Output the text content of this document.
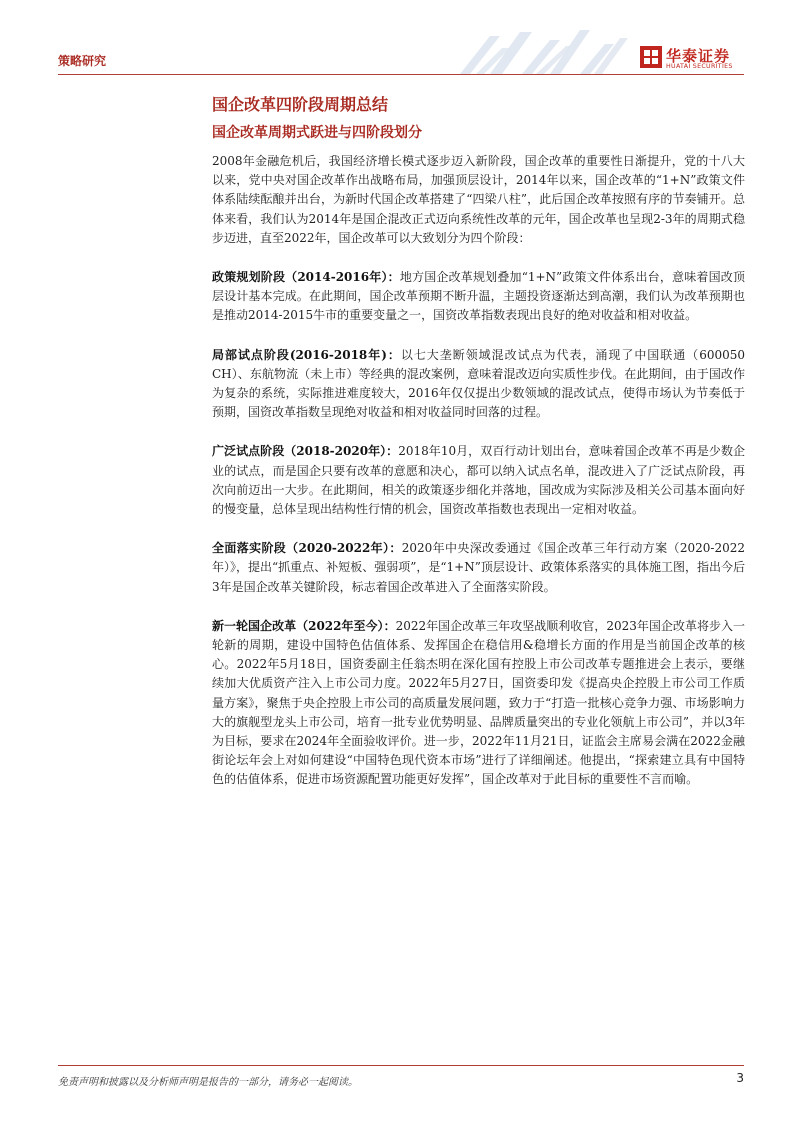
策略研究	华泰证券
HUATAI SECURITIES
国企改革四阶段周期总结
国企改革周期式跃进与四阶段划分

2008年金融危机后，我国经济增长模式逐步迈入新阶段，国企改革的重要性日渐提升，党的十八大以来，党中央对国企改革作出战略布局，加强顶层设计，2014年以来，国企改革的“1+N”政策文件体系陆续酝酿并出台，为新时代国企改革搭建了“四梁八柱”，此后国企改革按照有序的节奏铺开。总体来看，我们认为2014年是国企混改正式迈向系统性改革的元年，国企改革也呈现2-3年的周期式稳步迈进，直至2022年，国企改革可以大致划分为四个阶段：

政策规划阶段（2014-2016年）：地方国企改革规划叠加“1+N”政策文件体系出台，意味着国改顶层设计基本完成。在此期间，国企改革预期不断升温，主题投资逐渐达到高潮，我们认为改革预期也是推动2014-2015牛市的重要变量之一，国资改革指数表现出良好的绝对收益和相对收益。

局部试点阶段(2016-2018年)：以七大垄断领域混改试点为代表，涌现了中国联通（600050 CH）、东航物流（未上市）等经典的混改案例，意味着混改迈向实质性步伐。在此期间，由于国改作为复杂的系统，实际推进难度较大，2016年仅仅提出少数领域的混改试点，使得市场认为节奏低于预期，国资改革指数呈现绝对收益和相对收益同时回落的过程。

广泛试点阶段（2018-2020年）：2018年10月，双百行动计划出台，意味着国企改革不再是少数企业的试点，而是国企只要有改革的意愿和决心，都可以纳入试点名单，混改进入了广泛试点阶段，再次向前迈出一大步。在此期间，相关的政策逐步细化并落地，国改成为实际涉及相关公司基本面向好的慢变量，总体呈现出结构性行情的机会，国资改革指数也表现出一定相对收益。

全面落实阶段（2020-2022年）：2020年中央深改委通过《国企改革三年行动方案（2020-2022年）》，提出“抓重点、补短板、强弱项”，是“1+N”顶层设计、政策体系落实的具体施工图，指出今后3年是国企改革关键阶段，标志着国企改革进入了全面落实阶段。

新一轮国企改革（2022年至今）：2022年国企改革三年攻坚战顺利收官，2023年国企改革将步入一轮新的周期，建设中国特色估值体系、发挥国企在稳信用&稳增长方面的作用是当前国企改革的核心。2022年5月18日，国资委副主任翁杰明在深化国有控股上市公司改革专题推进会上表示，要继续加大优质资产注入上市公司力度。2022年5月27日，国资委印发《提高央企控股上市公司工作质量方案》，聚焦于央企控股上市公司的高质量发展问题，致力于“打造一批核心竞争力强、市场影响力大的旗舰型龙头上市公司，培育一批专业优势明显、品牌质量突出的专业化领航上市公司”，并以3年为目标，要求在2024年全面验收评价。进一步，2022年11月21日，证监会主席易会满在2022金融街论坛年会上对如何建设“中国特色现代资本市场”进行了详细阐述。他提出，“探索建立具有中国特色的估值体系，促进市场资源配置功能更好发挥”，国企改革对于此目标的重要性不言而喻。

免责声明和披露以及分析师声明是报告的一部分，请务必一起阅读。	3
